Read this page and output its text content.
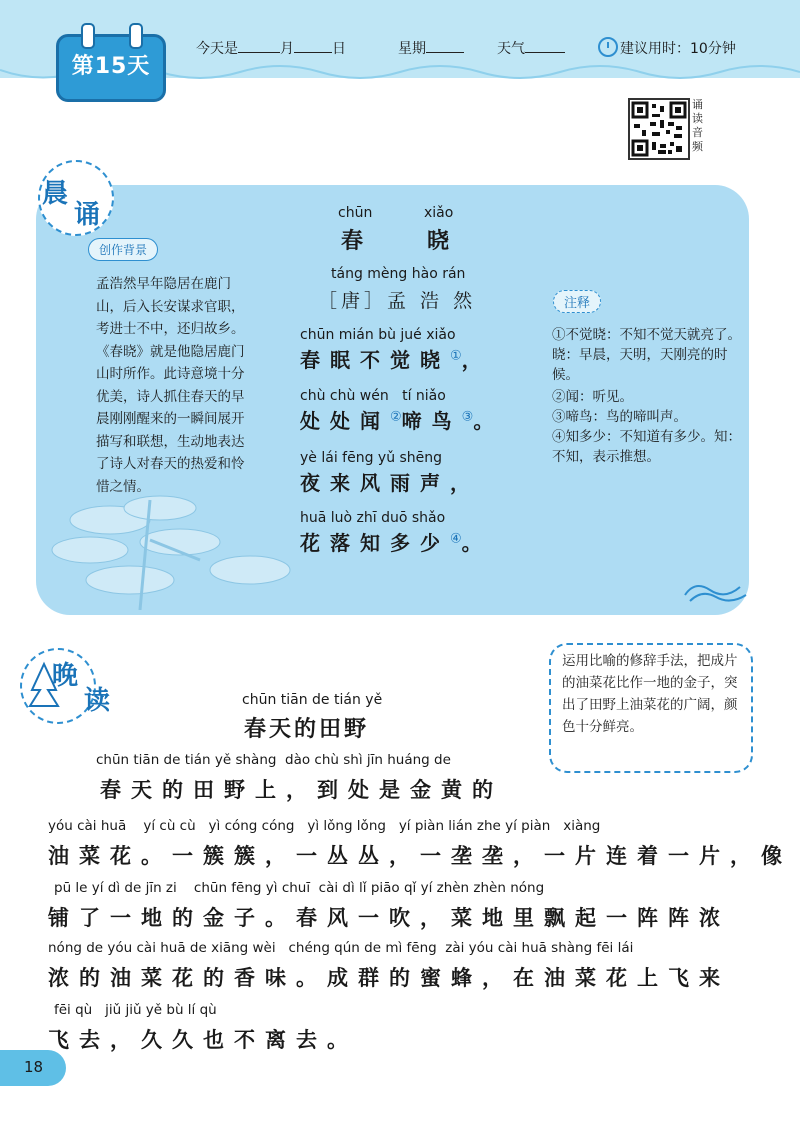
第15天
今天是	月	日	星期	天气	建议用时：10分钟
诵读音频
晨
诵
创作背景
孟浩然早年隐居在鹿门山，后入长安谋求官职，考进士不中，还归故乡。《春晓》就是他隐居鹿门山时所作。此诗意境十分优美，诗人抓住春天的早晨刚刚醒来的一瞬间展开描写和联想，生动地表达了诗人对春天的热爱和怜惜之情。
chūn	xiǎo
春	晓
táng mèng hào rán
［唐］孟 浩 然
chūn mián bù jué xiǎo
春眠不觉晓①，
chù chù wén   tí niǎo
处处闻②啼鸟③。
yè lái fēng yǔ shēng
夜来风雨声，
huā luò zhī duō shǎo
花落知多少④。
注释
①不觉晓：不知不觉天就亮了。晓：早晨，天明，天刚亮的时候。
②闻：听见。
③啼鸟：鸟的啼叫声。
④知多少：不知道有多少。知：不知，表示推想。
晚
读
运用比喻的修辞手法，把成片的油菜花比作一地的金子，突出了田野上油菜花的广阔，颜色十分鲜亮。
chūn tiān de tián yě
春天的田野
chūn tiān de tián yě shàng  dào chù shì jīn huáng de
春天的田野上，到处是金黄的
yóu cài huā    yí cù cù   yì cóng cóng   yì lǒng lǒng   yí piàn lián zhe yí piàn   xiàng
油菜花。一簇簇，一丛丛，一垄垄，一片连着一片，像
pū le yí dì de jīn zi    chūn fēng yì chuī  cài dì lǐ piāo qǐ yí zhèn zhèn nóng
铺了一地的金子。春风一吹，菜地里飘起一阵阵浓
nóng de yóu cài huā de xiāng wèi   chéng qún de mì fēng  zài yóu cài huā shàng fēi lái
浓的油菜花的香味。成群的蜜蜂，在油菜花上飞来
fēi qù   jiǔ jiǔ yě bù lí qù
飞去，久久也不离去。
18
